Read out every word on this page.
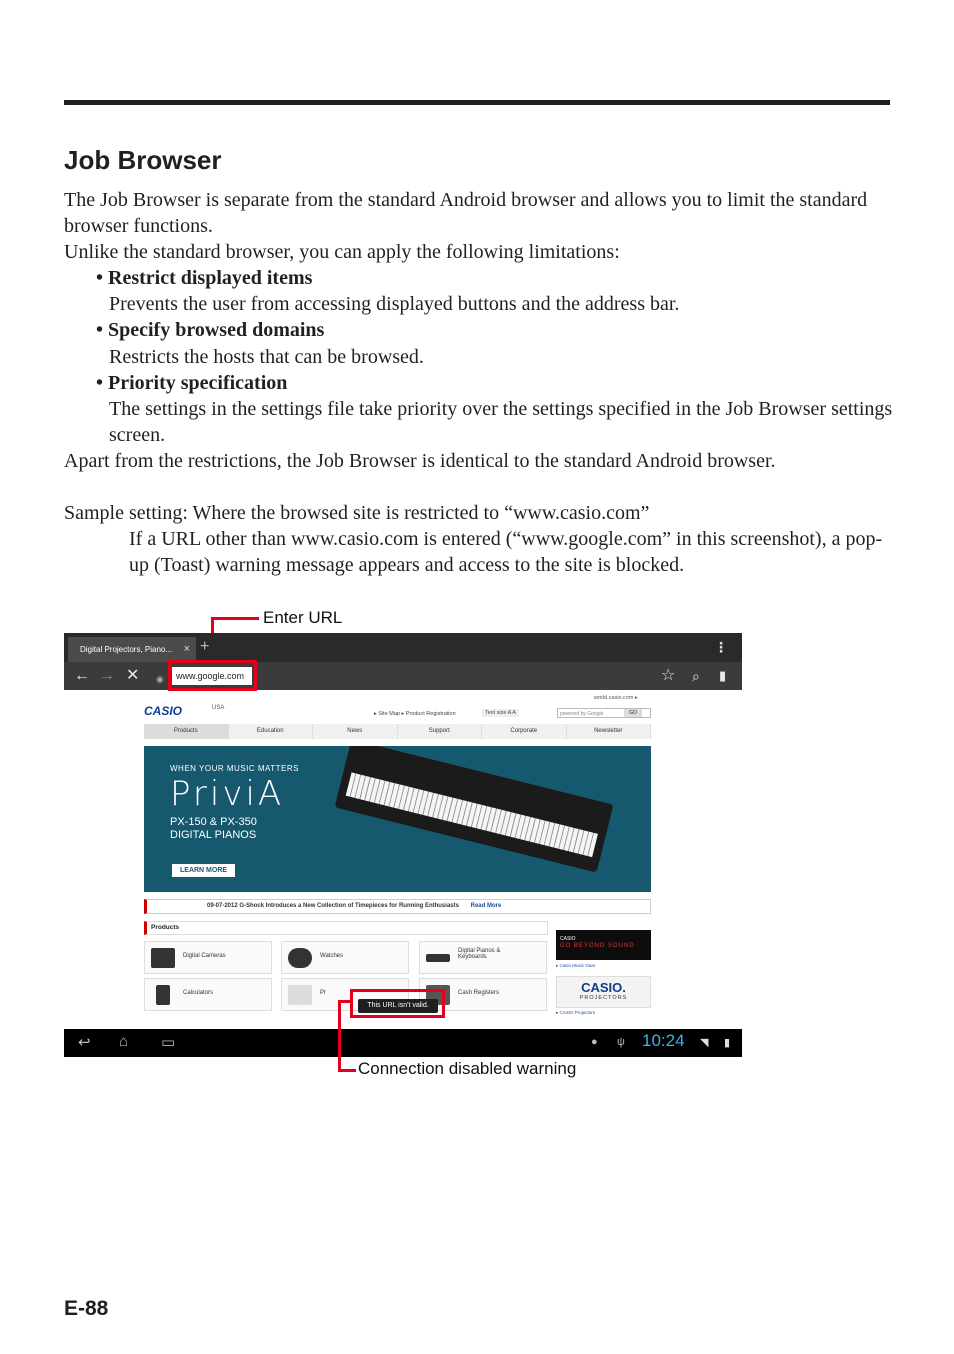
Job Browser

The Job Browser is separate from the standard Android browser and allows you to limit the standard browser functions.

Unlike the standard browser, you can apply the following limitations:

• Restrict displayed items
Prevents the user from accessing displayed buttons and the address bar.
• Specify browsed domains
Restricts the hosts that can be browsed.
• Priority specification
The settings in the settings file take priority over the settings specified in the Job Browser settings screen.

Apart from the restrictions, the Job Browser is identical to the standard Android browser.

Sample setting: Where the browsed site is restricted to “www.casio.com”

If a URL other than www.casio.com is entered (“www.google.com” in this screenshot), a pop-up (Toast) warning message appears and access to the site is blocked.

Enter URL
Digital Projectors, Piano... × +	⋮
← → ✕ ◉	www.google.com	☆ ⌕ ▮
CASIO	USA
world.casio.com ▸
▸ Site Map ▸ Product Registration	Text size A A	powered by Google	GO
Products	Education	News	Support	Corporate	Newsletter
WHEN YOUR MUSIC MATTERS
PriviA
PX-150 & PX-350
DIGITAL PIANOS
LEARN MORE
09-07-2012 G-Shock Introduces a New Collection of Timepieces for Running Enthusiasts Read More
Products
Digital Cameras	Watches
Digital Pianos & Keyboards
Calculators	Pr	Cash Registers
CASIO
GO BEYOND SOUND
▸ Casio Music Gear
CASIO.
PROJECTORS
▸ CASIO Projectors
This URL isn't valid.
↩ ⌂ ▭	● ψ 10:24 ◥ ▮
Connection disabled warning
E-88
